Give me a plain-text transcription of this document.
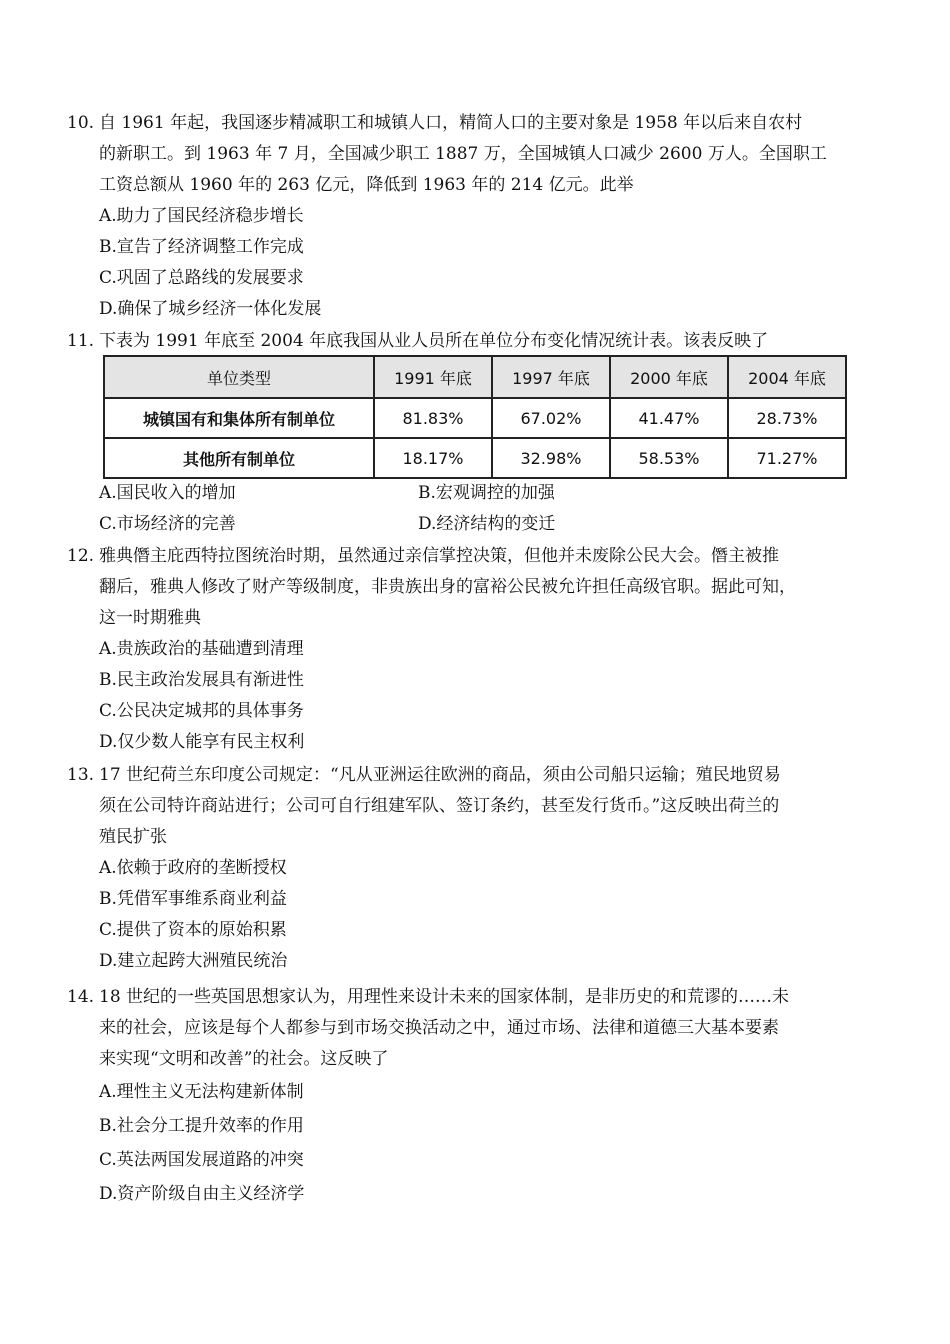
10. 自 1961 年起，我国逐步精减职工和城镇人口，精简人口的主要对象是 1958 年以后来自农村
的新职工。到 1963 年 7 月，全国减少职工 1887 万，全国城镇人口减少 2600 万人。全国职工
工资总额从 1960 年的 263 亿元，降低到 1963 年的 214 亿元。此举
A.助力了国民经济稳步增长
B.宣告了经济调整工作完成
C.巩固了总路线的发展要求
D.确保了城乡经济一体化发展
11. 下表为 1991 年底至 2004 年底我国从业人员所在单位分布变化情况统计表。该表反映了
单位类型	1991 年底	1997 年底	2000 年底	2004 年底
城镇国有和集体所有制单位	81.83%	67.02%	41.47%	28.73%
其他所有制单位	18.17%	32.98%	58.53%	71.27%
A.国民收入的增加	B.宏观调控的加强
C.市场经济的完善	D.经济结构的变迁
12. 雅典僭主庇西特拉图统治时期，虽然通过亲信掌控决策，但他并未废除公民大会。僭主被推
翻后，雅典人修改了财产等级制度，非贵族出身的富裕公民被允许担任高级官职。据此可知，
这一时期雅典
A.贵族政治的基础遭到清理
B.民主政治发展具有渐进性
C.公民决定城邦的具体事务
D.仅少数人能享有民主权利
13. 17 世纪荷兰东印度公司规定：“凡从亚洲运往欧洲的商品，须由公司船只运输；殖民地贸易
须在公司特许商站进行；公司可自行组建军队、签订条约，甚至发行货币。”这反映出荷兰的
殖民扩张
A.依赖于政府的垄断授权
B.凭借军事维系商业利益
C.提供了资本的原始积累
D.建立起跨大洲殖民统治
14. 18 世纪的一些英国思想家认为，用理性来设计未来的国家体制，是非历史的和荒谬的……未
来的社会，应该是每个人都参与到市场交换活动之中，通过市场、法律和道德三大基本要素
来实现“文明和改善”的社会。这反映了
A.理性主义无法构建新体制
B.社会分工提升效率的作用
C.英法两国发展道路的冲突
D.资产阶级自由主义经济学
